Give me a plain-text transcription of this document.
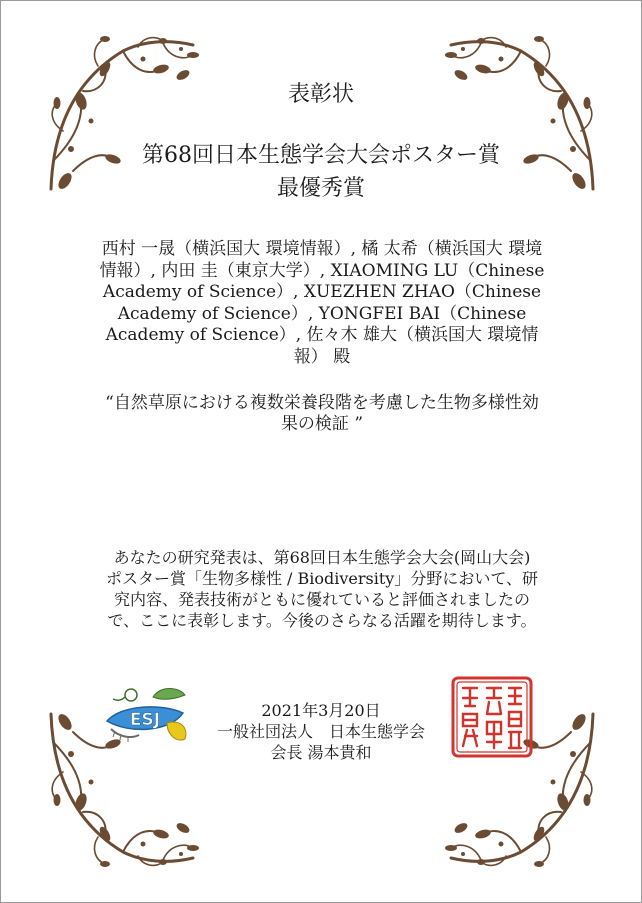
表彰状
第68回日本生態学会大会ポスター賞
最優秀賞
西村 一晟（横浜国大 環境情報）, 橘 太希（横浜国大 環境
情報）, 内田 圭（東京大学）, XIAOMING LU（Chinese
Academy of Science）, XUEZHEN ZHAO（Chinese
Academy of Science）, YONGFEI BAI（Chinese
Academy of Science）, 佐々木 雄大（横浜国大 環境情
報） 殿
“自然草原における複数栄養段階を考慮した生物多様性効
果の検証 ”
あなたの研究発表は、第68回日本生態学会大会(岡山大会)
ポスター賞「生物多様性 / Biodiversity」分野において、研
究内容、発表技術がともに優れていると評価されましたの
で、ここに表彰します。今後のさらなる活躍を期待します。
ESJ	2021年3月20日
一般社団法人　日本生態学会
会長 湯本貴和
